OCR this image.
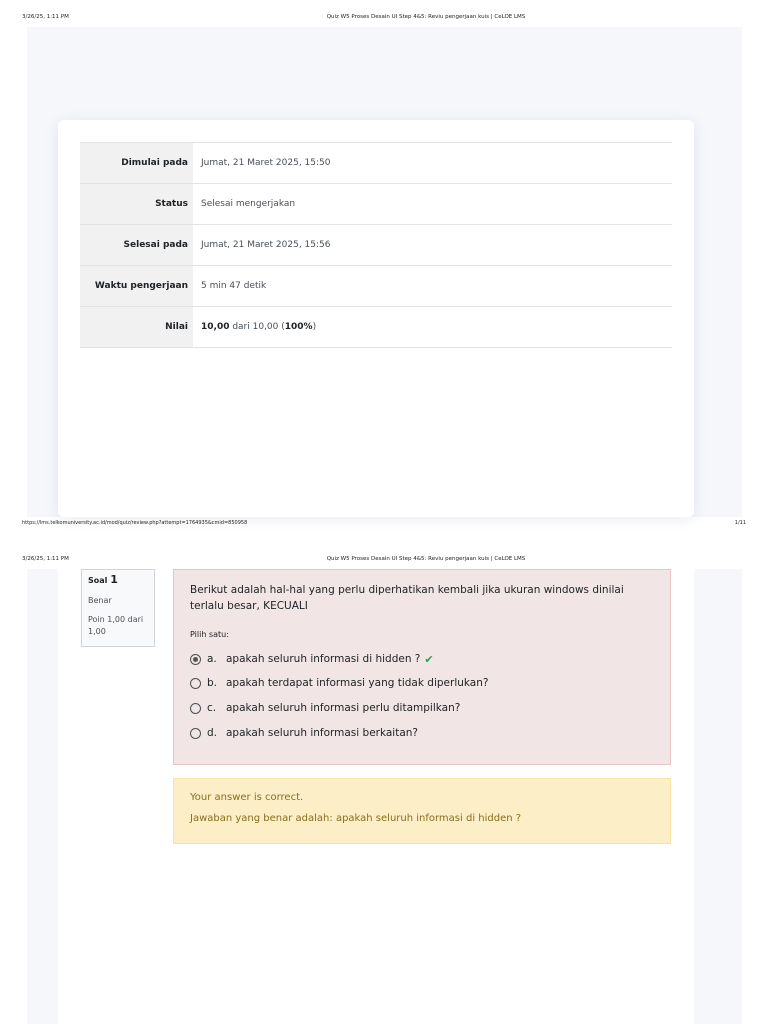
3/26/25, 1:11 PM	Quiz W5 Proses Desain UI Step 4&5: Reviu pengerjaan kuis | CeLOE LMS
Dimulai pada	Jumat, 21 Maret 2025, 15:50
Status	Selesai mengerjakan
Selesai pada	Jumat, 21 Maret 2025, 15:56
Waktu pengerjaan	5 min 47 detik
Nilai	10,00 dari 10,00 (100%)
https://lms.telkomuniversity.ac.id/mod/quiz/review.php?attempt=1764935&cmid=850958	1/11
3/26/25, 1:11 PM	Quiz W5 Proses Desain UI Step 4&5: Reviu pengerjaan kuis | CeLOE LMS
Soal 1
Benar
Poin 1,00 dari 1,00
Berikut adalah hal-hal yang perlu diperhatikan kembali jika ukuran windows dinilai terlalu besar, KECUALI
Pilih satu:
a. apakah seluruh informasi di hidden ? ✔
b. apakah terdapat informasi yang tidak diperlukan?
c. apakah seluruh informasi perlu ditampilkan?
d. apakah seluruh informasi berkaitan?
Your answer is correct.
Jawaban yang benar adalah: apakah seluruh informasi di hidden ?
